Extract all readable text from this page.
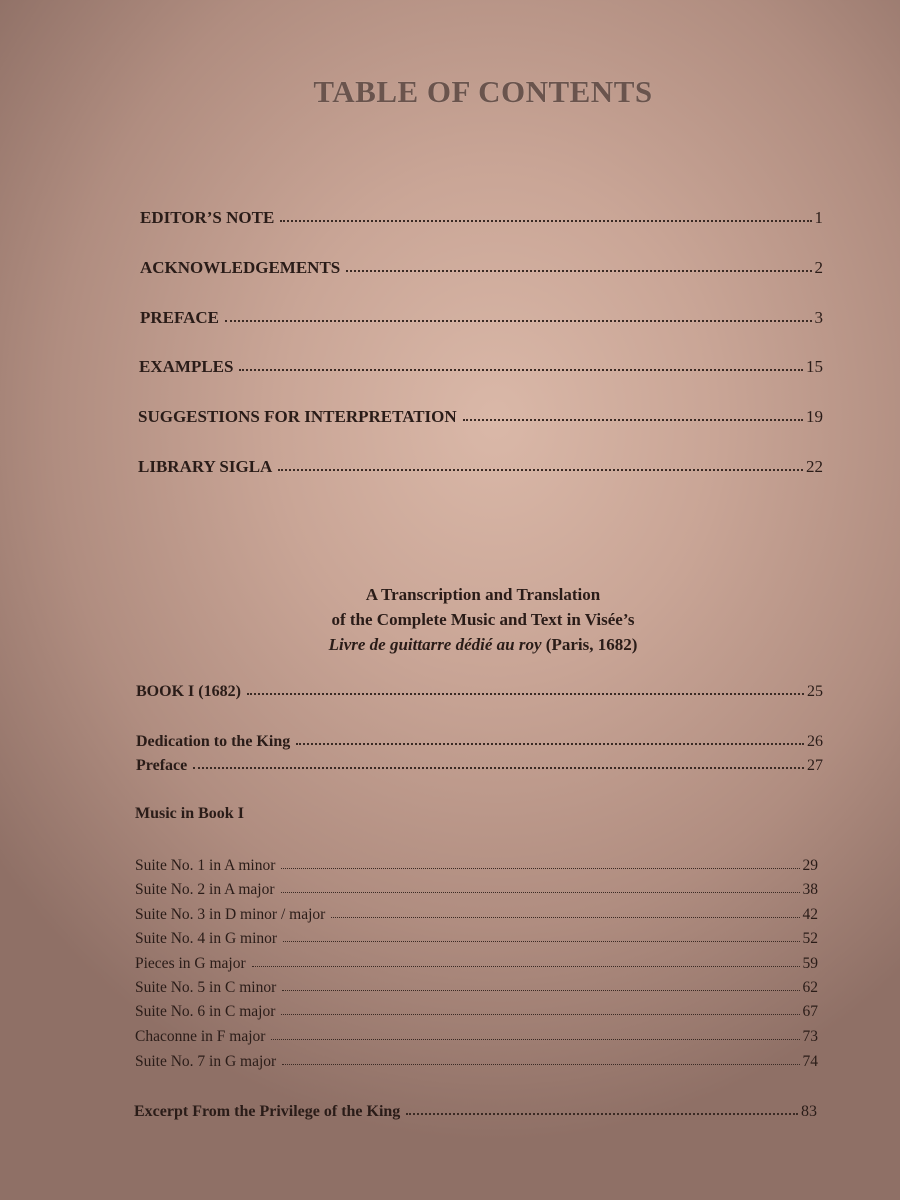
TABLE OF CONTENTS
EDITOR’S NOTE	1
ACKNOWLEDGEMENTS	2
PREFACE	3
EXAMPLES	15
SUGGESTIONS FOR INTERPRETATION	19
LIBRARY SIGLA	22
A Transcription and Translation
of the Complete Music and Text in Visée’s
Livre de guittarre dédié au roy (Paris, 1682)
BOOK I (1682)	25
Dedication to the King	26
Preface	27
Music in Book I
Suite No. 1 in A minor	29
Suite No. 2 in A major	38
Suite No. 3 in D minor / major	42
Suite No. 4 in G minor	52
Pieces in G major	59
Suite No. 5 in C minor	62
Suite No. 6 in C major	67
Chaconne in F major	73
Suite No. 7 in G major	74
Excerpt From the Privilege of the King	83
